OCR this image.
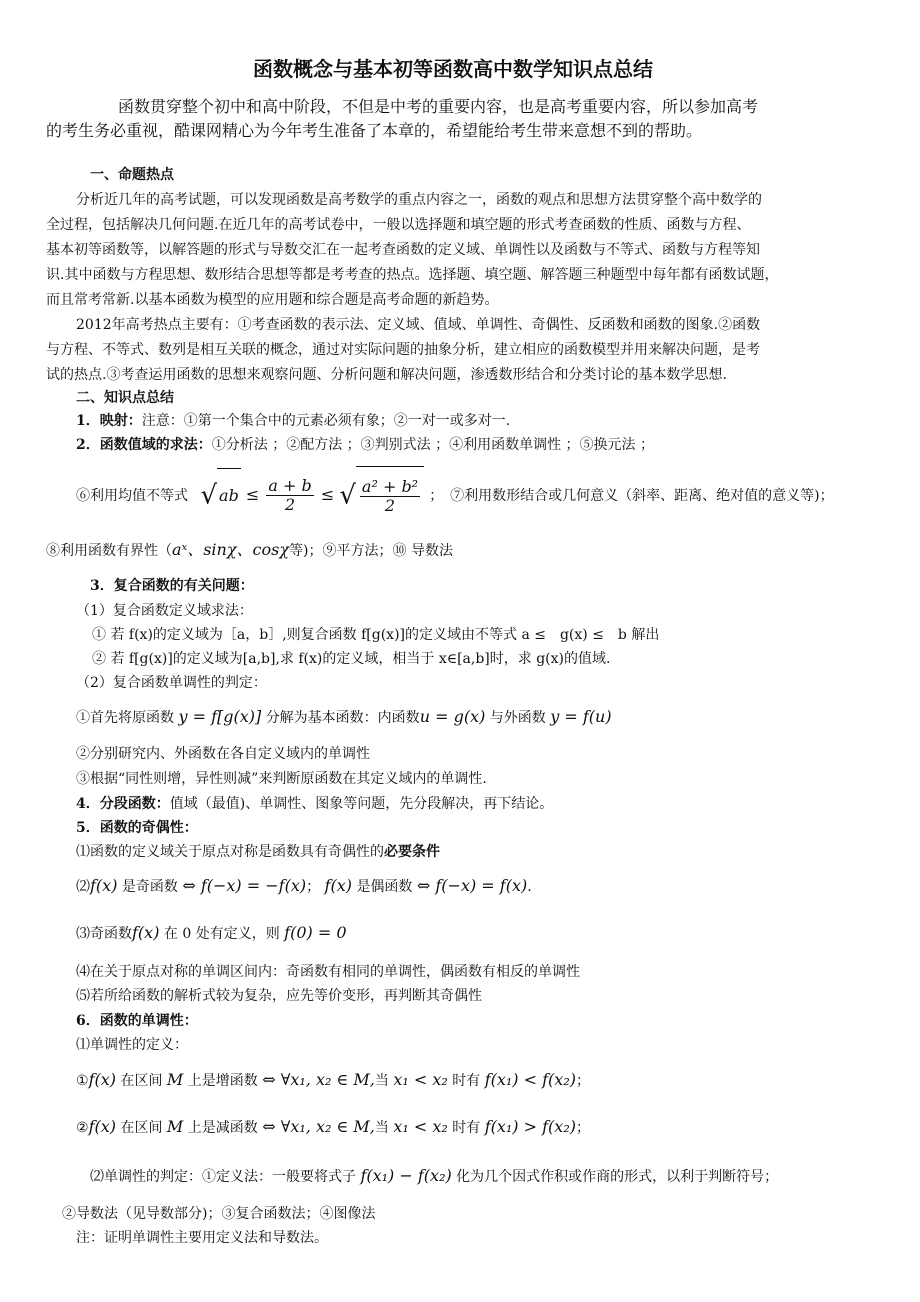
函数概念与基本初等函数高中数学知识点总结
函数贯穿整个初中和高中阶段，不但是中考的重要内容，也是高考重要内容，所以参加高考
的考生务必重视，酷课网精心为今年考生准备了本章的，希望能给考生带来意想不到的帮助。
一、命题热点
分析近几年的高考试题，可以发现函数是高考数学的重点内容之一，函数的观点和思想方法贯穿整个高中数学的
全过程，包括解决几何问题.在近几年的高考试卷中，一般以选择题和填空题的形式考查函数的性质、函数与方程、
基本初等函数等，以解答题的形式与导数交汇在一起考查函数的定义域、单调性以及函数与不等式、函数与方程等知
识.其中函数与方程思想、数形结合思想等都是考考查的热点。选择题、填空题、解答题三种题型中每年都有函数试题，
而且常考常新.以基本函数为模型的应用题和综合题是高考命题的新趋势。
2012年高考热点主要有：①考查函数的表示法、定义域、值域、单调性、奇偶性、反函数和函数的图象.②函数
与方程、不等式、数列是相互关联的概念，通过对实际问题的抽象分析，建立相应的函数模型并用来解决问题，是考
试的热点.③考查运用函数的思想来观察问题、分析问题和解决问题，渗透数形结合和分类讨论的基本数学思想.
二、知识点总结
1．映射：注意：①第一个集合中的元素必须有象；②一对一或多对一.
2．函数值域的求法：①分析法 ；②配方法 ；③判别式法 ；④利用函数单调性 ；⑤换元法 ；
⑥利用均值不等式 √ ab ≤ $\frac{a + b}{2}$ ≤ √ $\frac{\text{a² + b²}}{2}$ ；　⑦利用数形结合或几何意义（斜率、距离、绝对值的意义等)；
⑧利用函数有界性（aˣ、sinχ、cosχ等)；⑨平方法；⑩ 导数法
3．复合函数的有关问题：
（1）复合函数定义域求法：
① 若 f(x)的定义域为［a，b］,则复合函数 f[g(x)]的定义域由不等式 a ≤　g(x) ≤　b 解出
② 若 f[g(x)]的定义域为[a,b],求 f(x)的定义域，相当于 x∈[a,b]时，求 g(x)的值域.
（2）复合函数单调性的判定：
①首先将原函数 y = f[g(x)] 分解为基本函数：内函数u = g(x) 与外函数 y = f(u)
②分别研究内、外函数在各自定义域内的单调性
③根据“同性则增，异性则减”来判断原函数在其定义域内的单调性.
4．分段函数：值域（最值)、单调性、图象等问题，先分段解决，再下结论。
5．函数的奇偶性：
⑴函数的定义域关于原点对称是函数具有奇偶性的必要条件
⑵f(x) 是奇函数 ⇔ f(−x) = −f(x)； f(x) 是偶函数 ⇔ f(−x) = f(x).
⑶奇函数f(x) 在 0 处有定义，则 f(0) = 0
⑷在关于原点对称的单调区间内：奇函数有相同的单调性，偶函数有相反的单调性
⑸若所给函数的解析式较为复杂，应先等价变形，再判断其奇偶性
6．函数的单调性：
⑴单调性的定义：
①f(x) 在区间 M 上是增函数 ⇔ ∀x₁, x₂ ∈ M,当 x₁ < x₂ 时有 f(x₁) < f(x₂)；
②f(x) 在区间 M 上是减函数 ⇔ ∀x₁, x₂ ∈ M,当 x₁ < x₂ 时有 f(x₁) > f(x₂)；
⑵单调性的判定：①定义法：一般要将式子 f(x₁) − f(x₂) 化为几个因式作积或作商的形式，以利于判断符号；
②导数法（见导数部分)；③复合函数法；④图像法
注：证明单调性主要用定义法和导数法。
